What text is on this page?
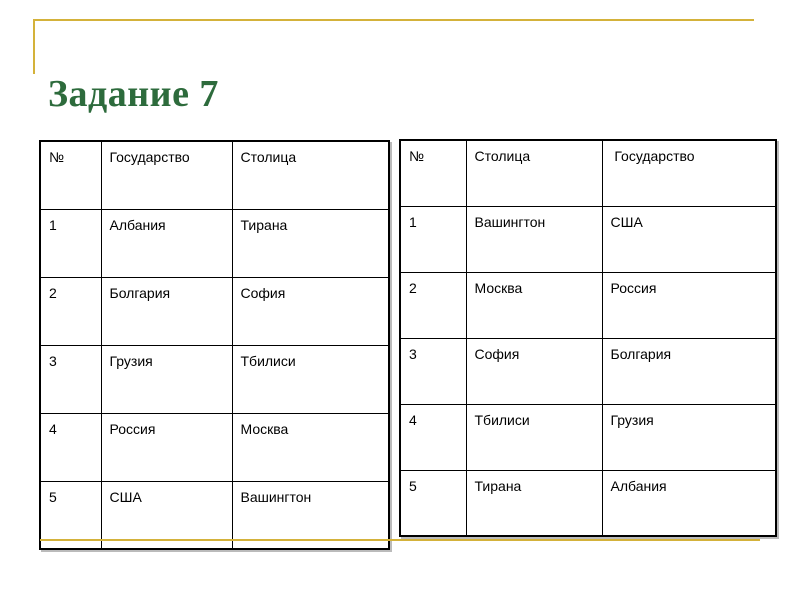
Задание 7
№	Государство	Столица
1	Албания	Тирана
2	Болгария	София
3	Грузия	Тбилиси
4	Россия	Москва
5	США	Вашингтон
№	Столица	Государство
1	Вашингтон	США
2	Москва	Россия
3	София	Болгария
4	Тбилиси	Грузия
5	Тирана	Албания
